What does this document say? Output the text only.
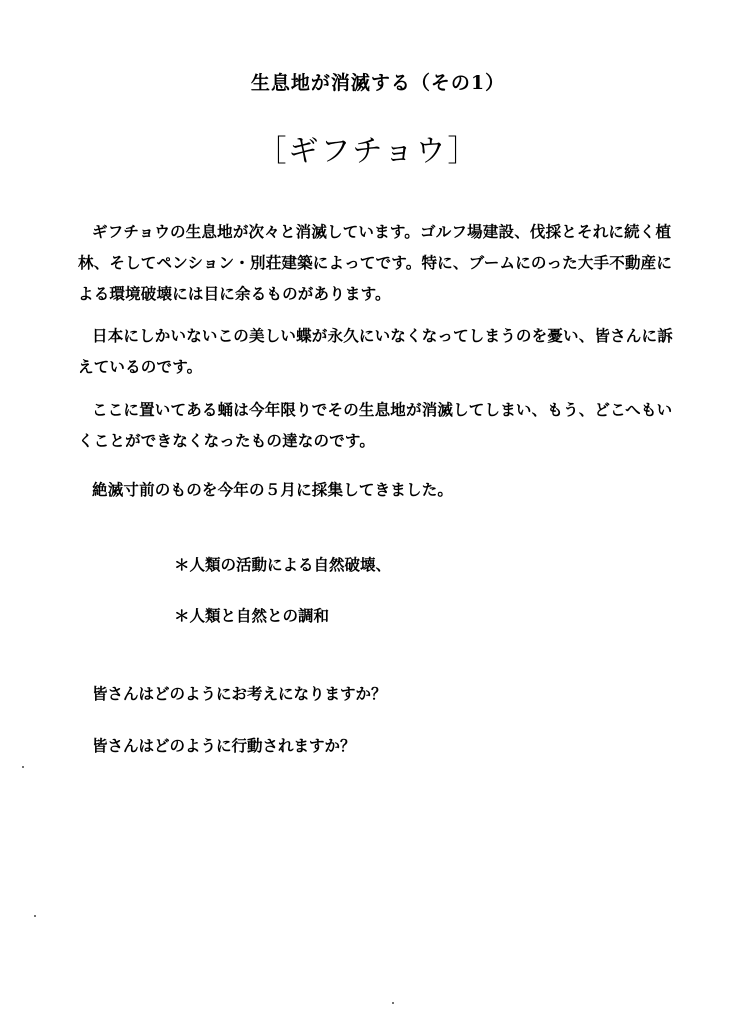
生息地が消滅する（その1）
［ギフチョウ］
ギフチョウの生息地が次々と消滅しています。ゴルフ場建設、伐採とそれに続く植林、そしてペンション・別荘建築によってです。特に、ブームにのった大手不動産による環境破壊には目に余るものがあります。
日本にしかいないこの美しい蝶が永久にいなくなってしまうのを憂い、皆さんに訴えているのです。
ここに置いてある蛹は今年限りでその生息地が消滅してしまい、もう、どこへもいくことができなくなったもの達なのです。
絶滅寸前のものを今年の５月に採集してきました。
＊人類の活動による自然破壊、
＊人類と自然との調和
皆さんはどのようにお考えになりますか？
皆さんはどのように行動されますか？
